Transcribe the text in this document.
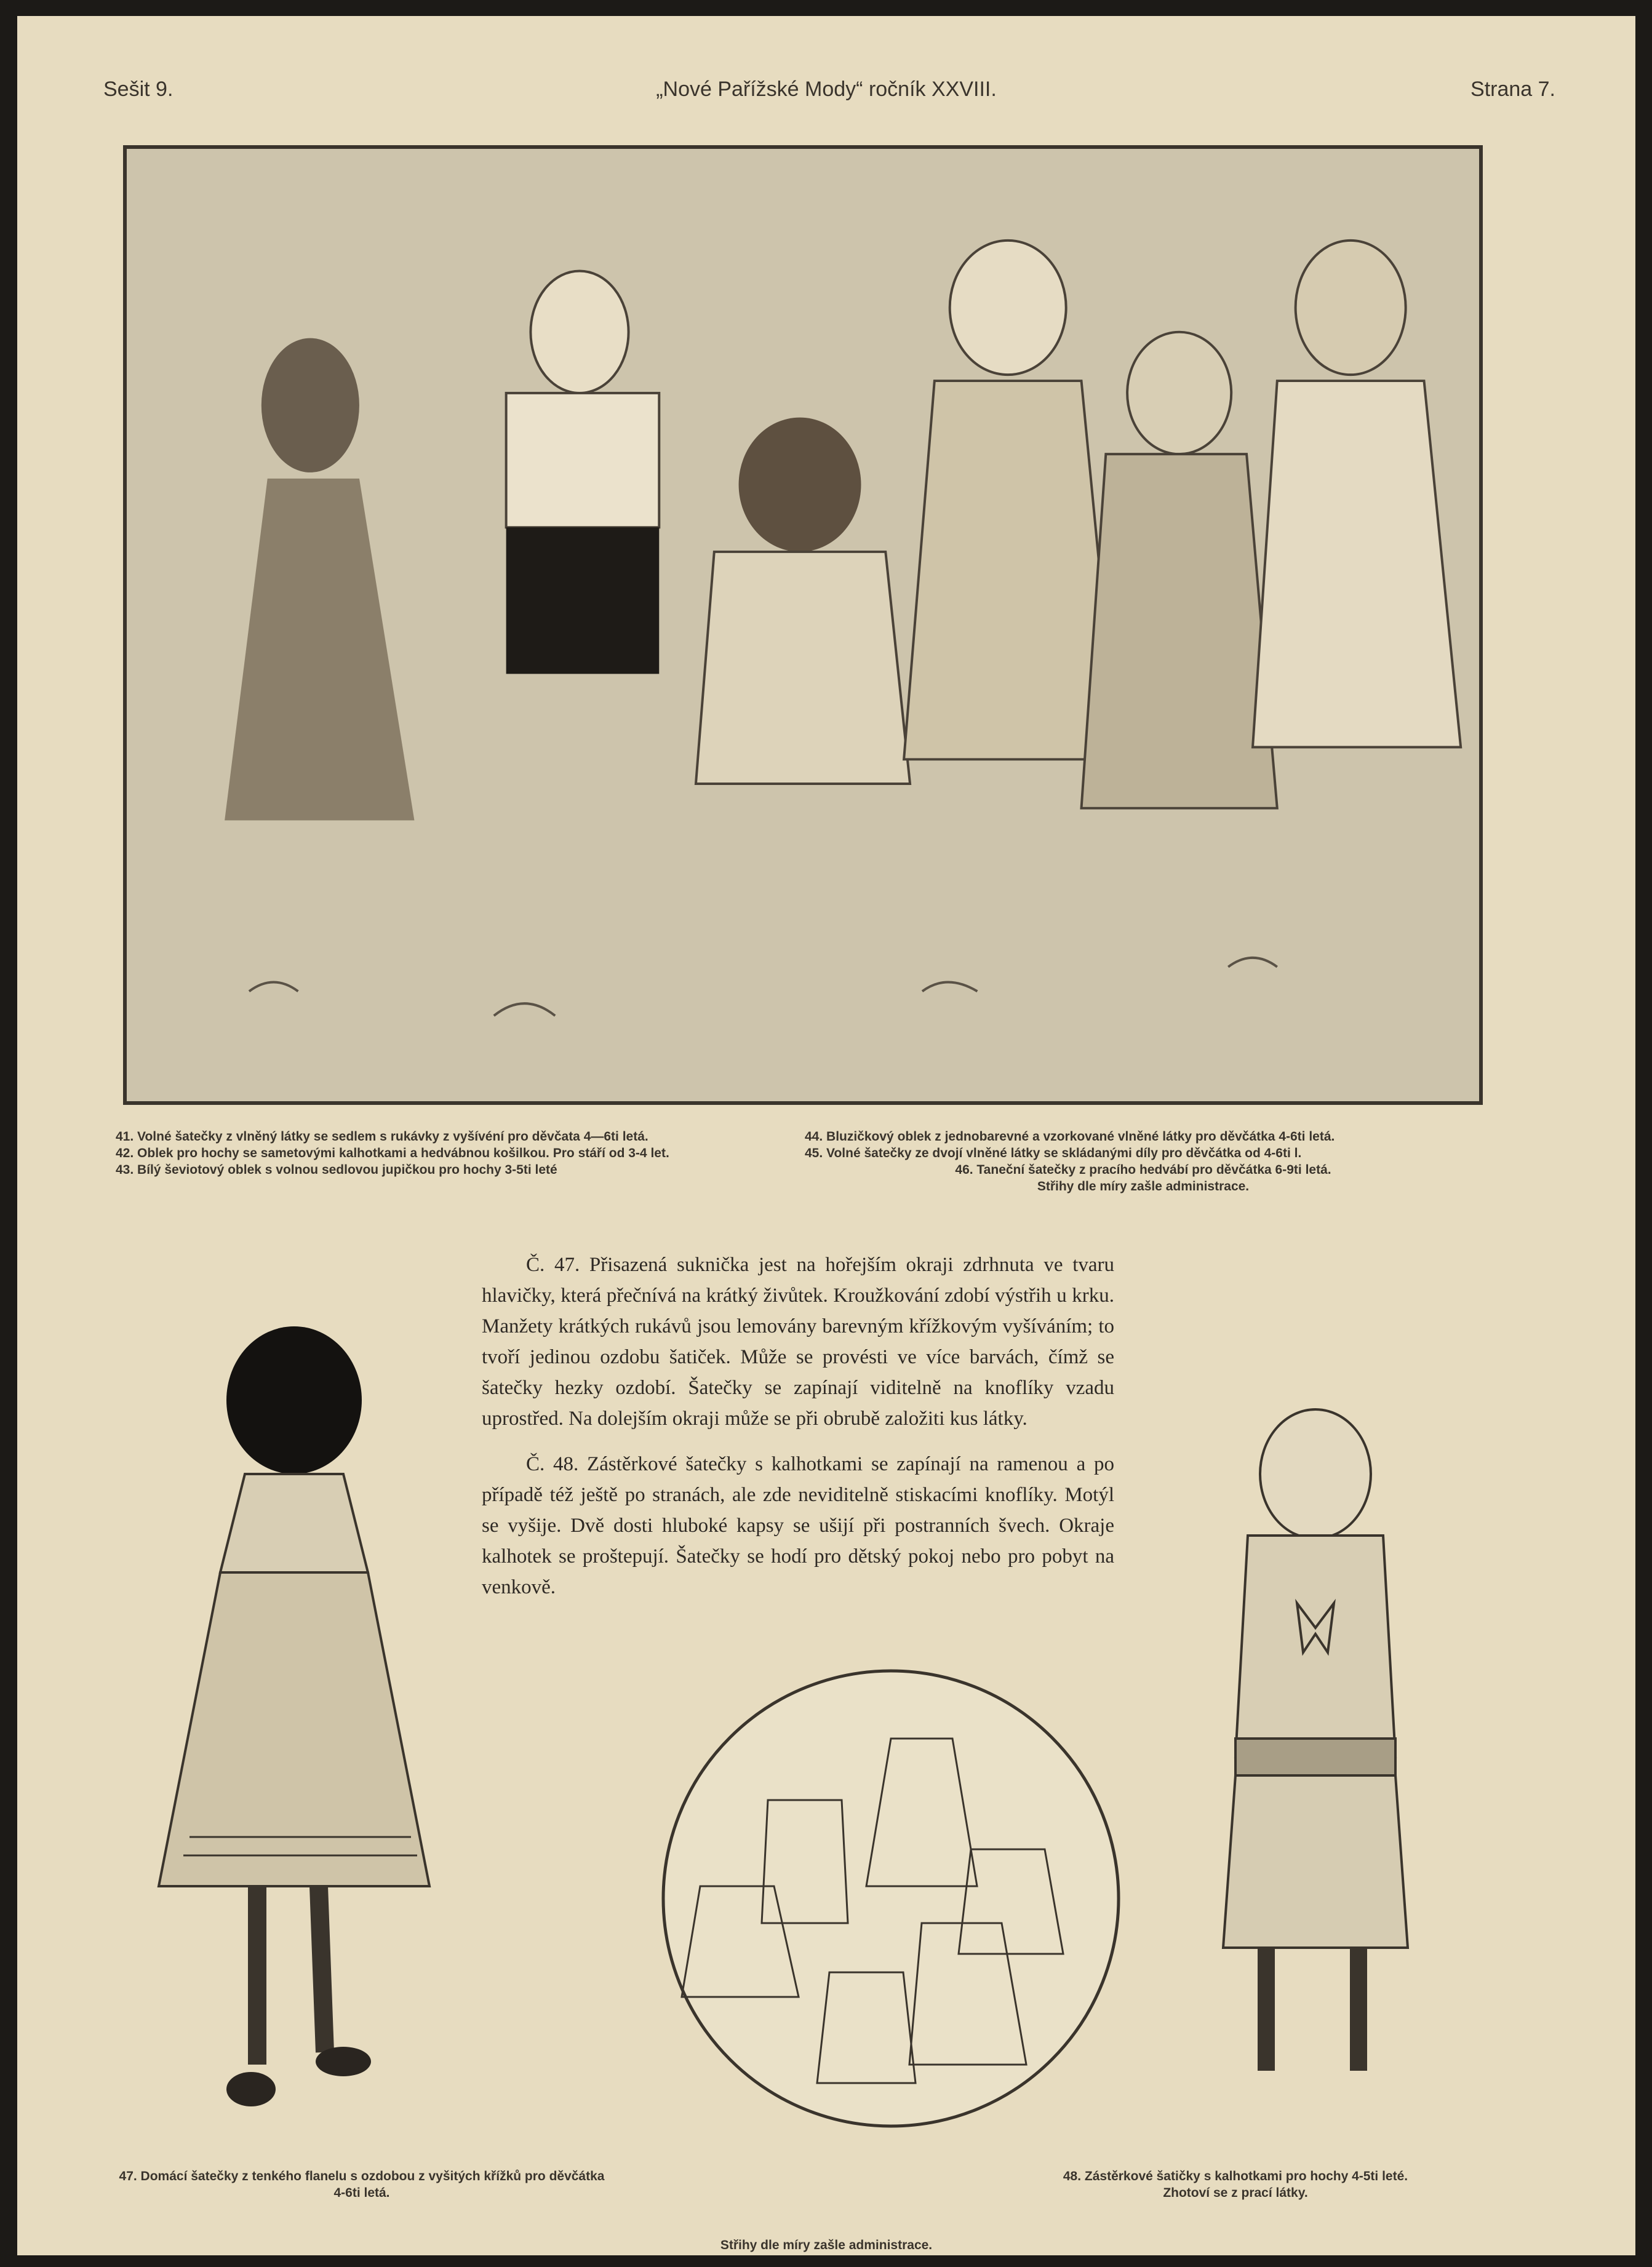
Sešit 9.	„Nové Pařížské Mody“ ročník XXVIII.	Strana 7.

41. Volné šatečky z vlněný látky se sedlem s rukávky z vyšívéní pro děvčata 4—6ti letá.

42. Oblek pro hochy se sametovými kalhotkami a hedvábnou košilkou. Pro stáří od 3-4 let.

43. Bílý ševiotový oblek s volnou sedlovou jupičkou pro hochy 3-5ti leté

44. Bluzičkový oblek z jednobarevné a vzorkované vlněné látky pro děvčátka 4-6ti letá.

45. Volné šatečky ze dvojí vlněné látky se skládanými díly pro děvčátka od 4-6ti l.

46. Taneční šatečky z pracího hedvábí pro děvčátka 6-9ti letá.

Střihy dle míry zašle administrace.

Č. 47. Přisazená suknička jest na hořejším okraji zdrhnuta ve tvaru hlavičky, která přečnívá na krátký živůtek. Kroužkování zdobí výstřih u krku. Manžety krátkých rukávů jsou lemovány barevným křížkovým vyšíváním; to tvoří jedinou ozdobu šatiček. Může se provésti ve více barvách, čímž se šatečky hezky ozdobí. Šatečky se zapínají viditelně na knoflíky vzadu uprostřed. Na dolejším okraji může se při obrubě založiti kus látky.

Č. 48. Zástěrkové šatečky s kalhotkami se zapínají na ramenou a po případě též ještě po stranách, ale zde neviditelně stiskacími knoflíky. Motýl se vyšije. Dvě dosti hluboké kapsy se ušijí při postranních švech. Okraje kalhotek se proštepují. Šatečky se hodí pro dětský pokoj nebo pro pobyt na venkově.

47. Domácí šatečky z tenkého flanelu s ozdobou z vyšitých křížků pro děvčátka 4-6ti letá.
48. Zástěrkové šatičky s kalhotkami pro hochy 4-5ti leté.
Zhotoví se z prací látky.
Střihy dle míry zašle administrace.
